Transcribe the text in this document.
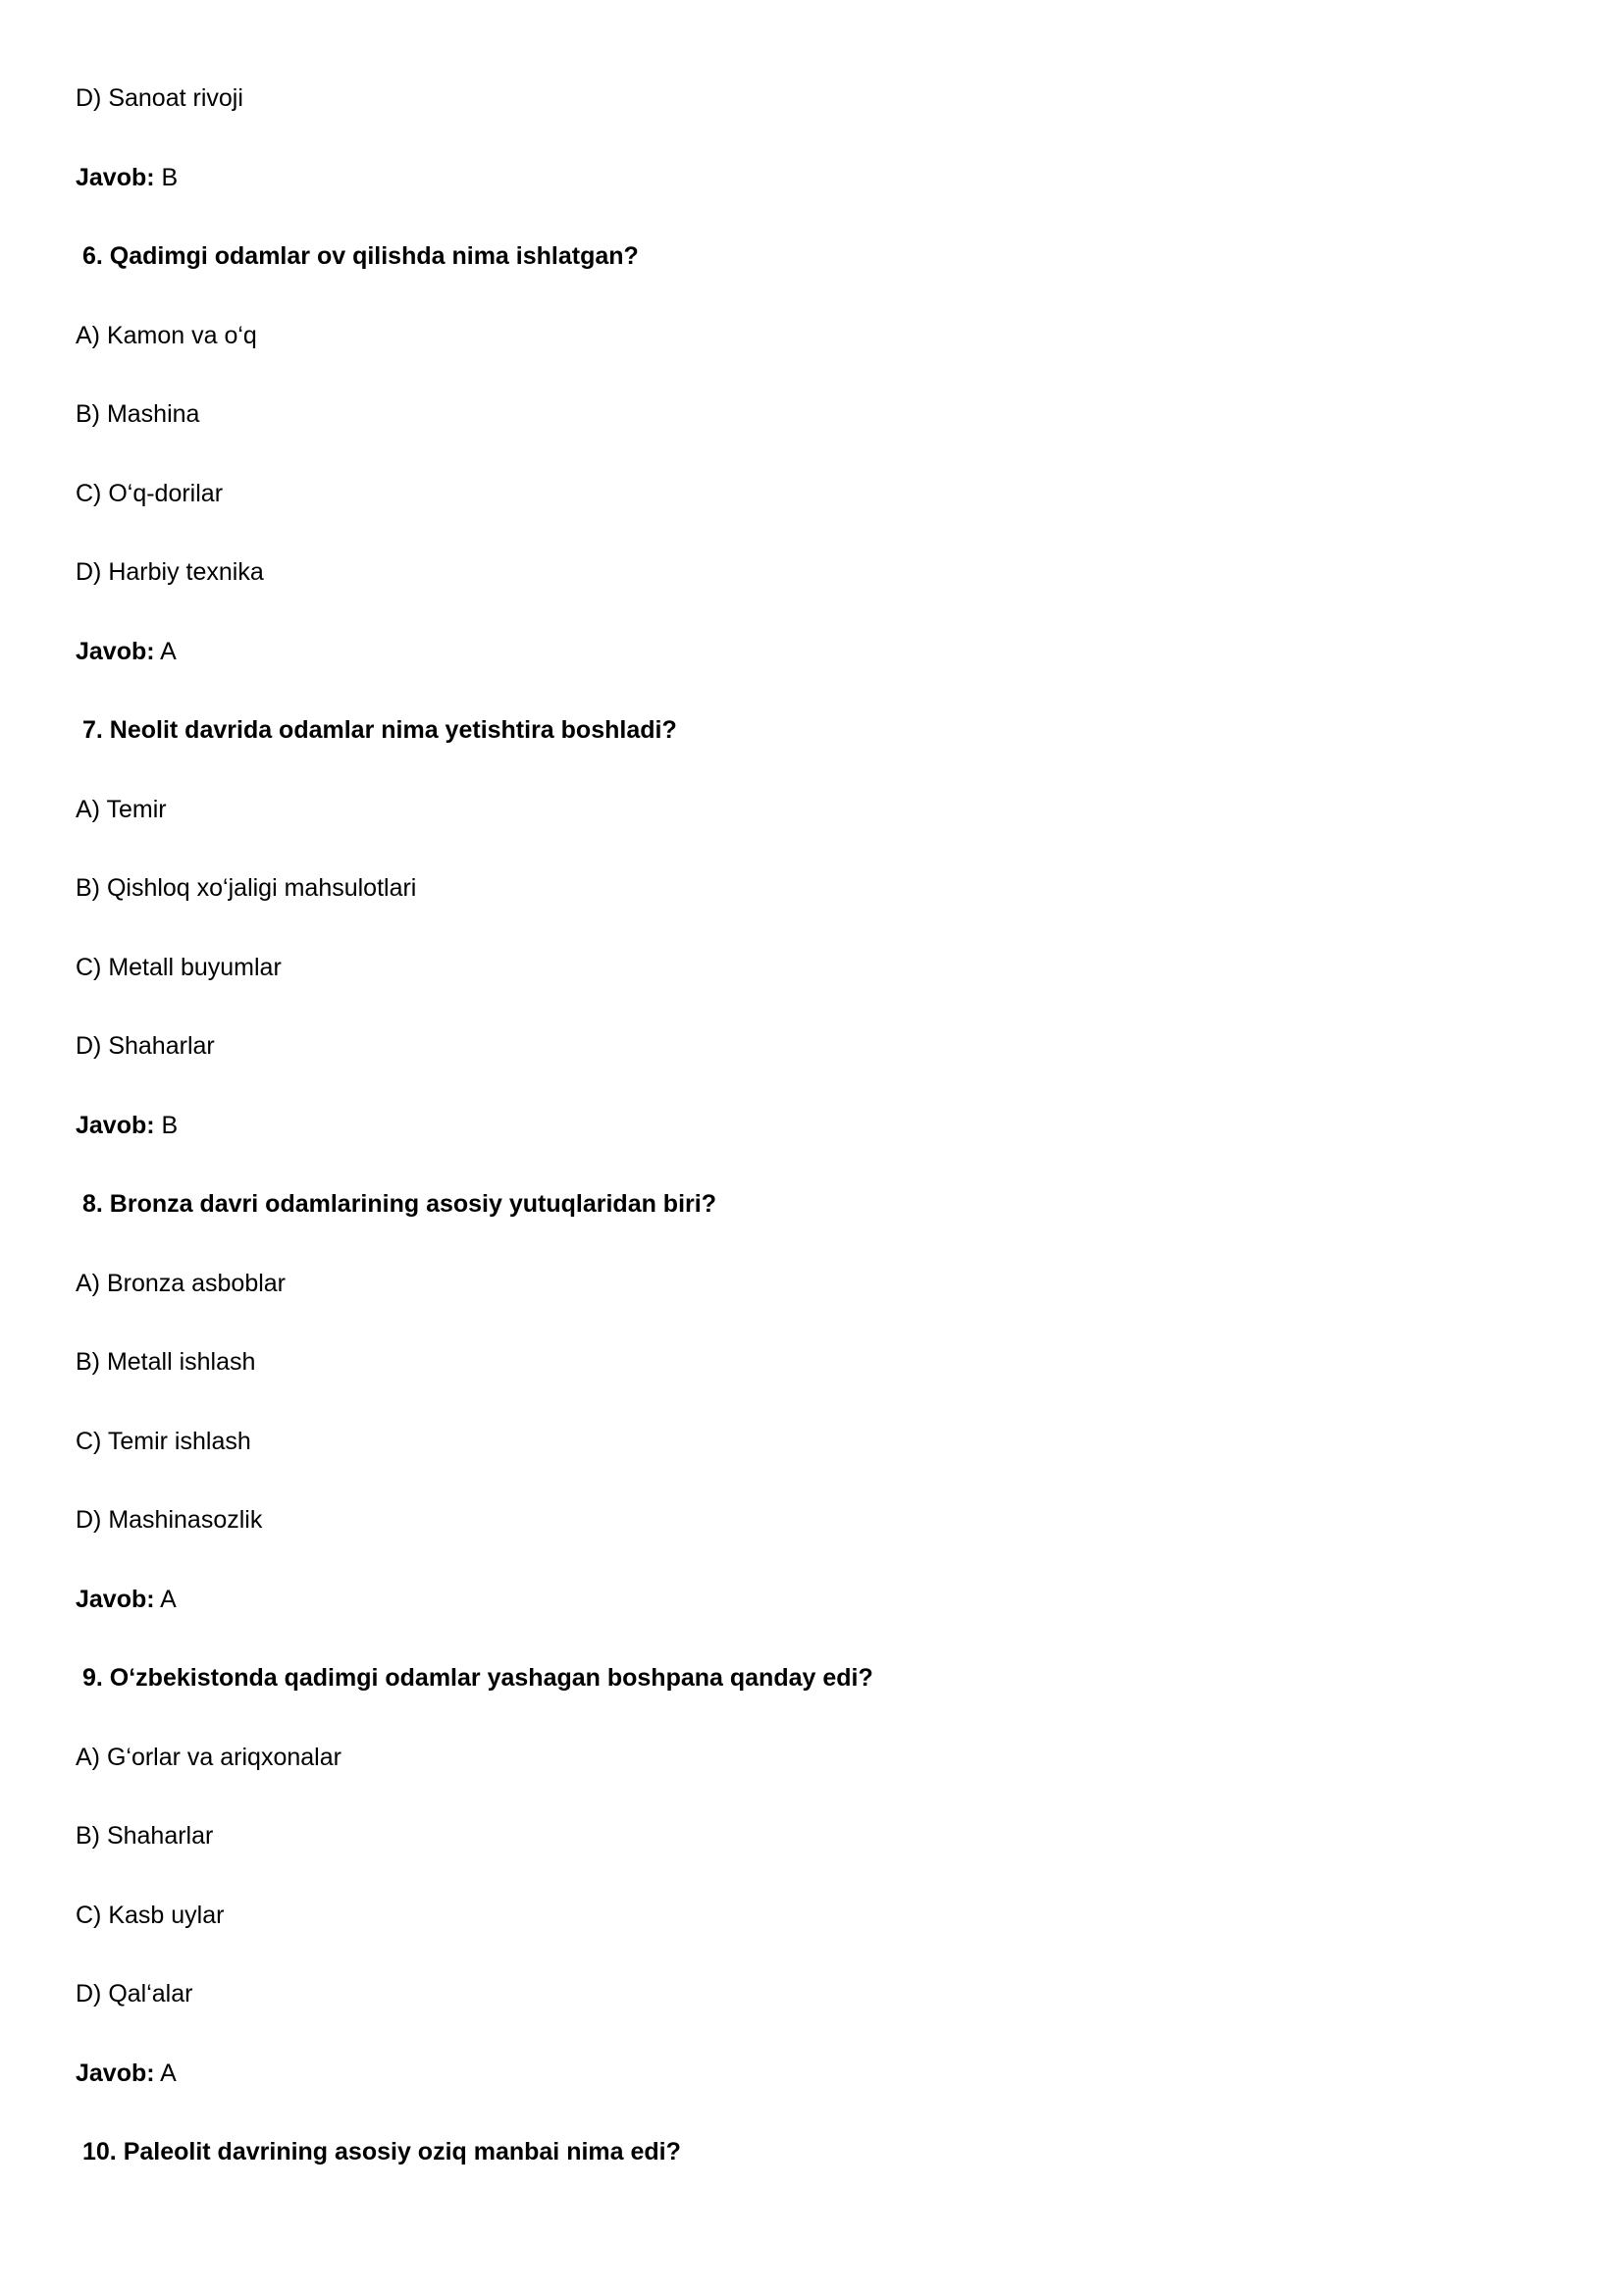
D) Sanoat rivoji
Javob: B
6. Qadimgi odamlar ov qilishda nima ishlatgan?
A) Kamon va o‘q
B) Mashina
C) O‘q-dorilar
D) Harbiy texnika
Javob: A
7. Neolit davrida odamlar nima yetishtira boshladi?
A) Temir
B) Qishloq xo‘jaligi mahsulotlari
C) Metall buyumlar
D) Shaharlar
Javob: B
8. Bronza davri odamlarining asosiy yutuqlaridan biri?
A) Bronza asboblar
B) Metall ishlash
C) Temir ishlash
D) Mashinasozlik
Javob: A
9. O‘zbekistonda qadimgi odamlar yashagan boshpana qanday edi?
A) G‘orlar va ariqxonalar
B) Shaharlar
C) Kasb uylar
D) Qal‘alar
Javob: A
10. Paleolit davrining asosiy oziq manbai nima edi?
